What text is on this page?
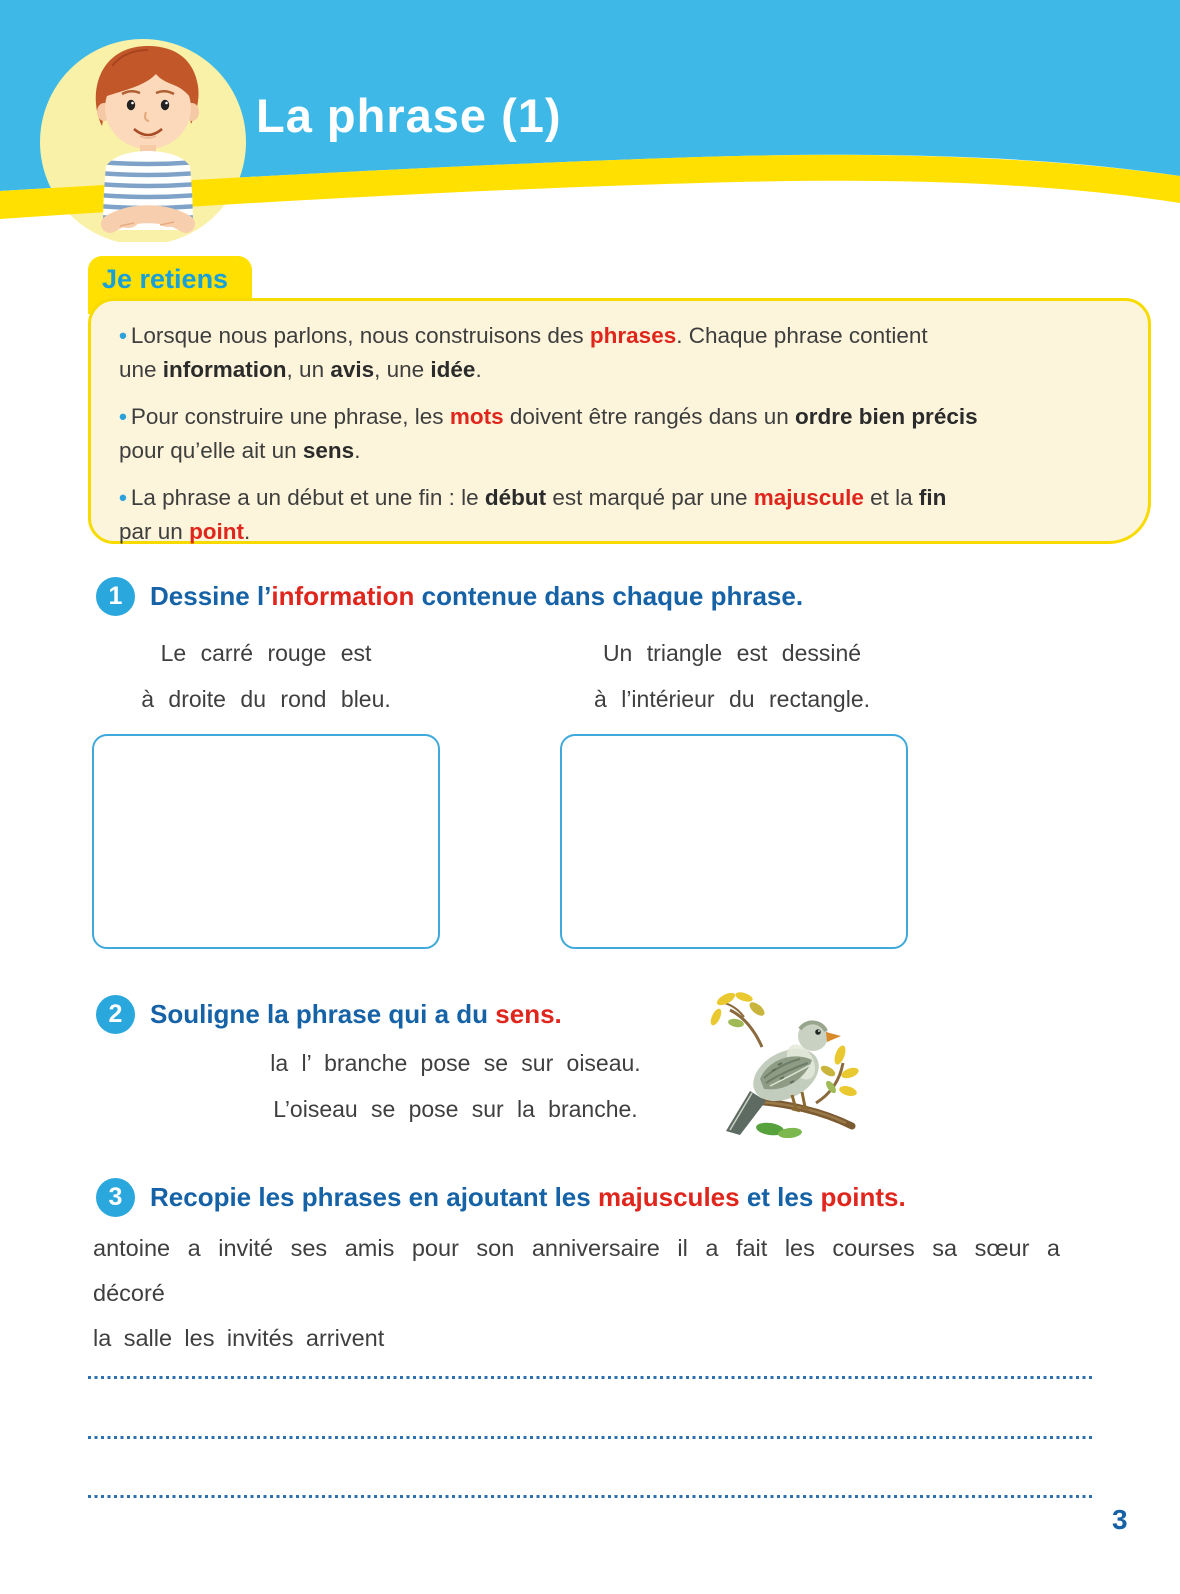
La phrase (1)
Je retiens

• Lorsque nous parlons, nous construisons des phrases. Chaque phrase contient
une information, un avis, une idée.

• Pour construire une phrase, les mots doivent être rangés dans un ordre bien précis
pour qu’elle ait un sens.

• La phrase a un début et une fin : le début est marqué par une majuscule et la fin
par un point.

1	Dessine l’information contenue dans chaque phrase.
Le carré rouge est
à droite du rond bleu.
Un triangle est dessiné
à l’intérieur du rectangle.
2	Souligne la phrase qui a du sens.
la l’ branche pose se sur oiseau.
L’oiseau se pose sur la branche.
3	Recopie les phrases en ajoutant les majuscules et les points.
antoine a invité ses amis pour son anniversaire il a fait les courses sa sœur a décoré
la salle les invités arrivent
3
